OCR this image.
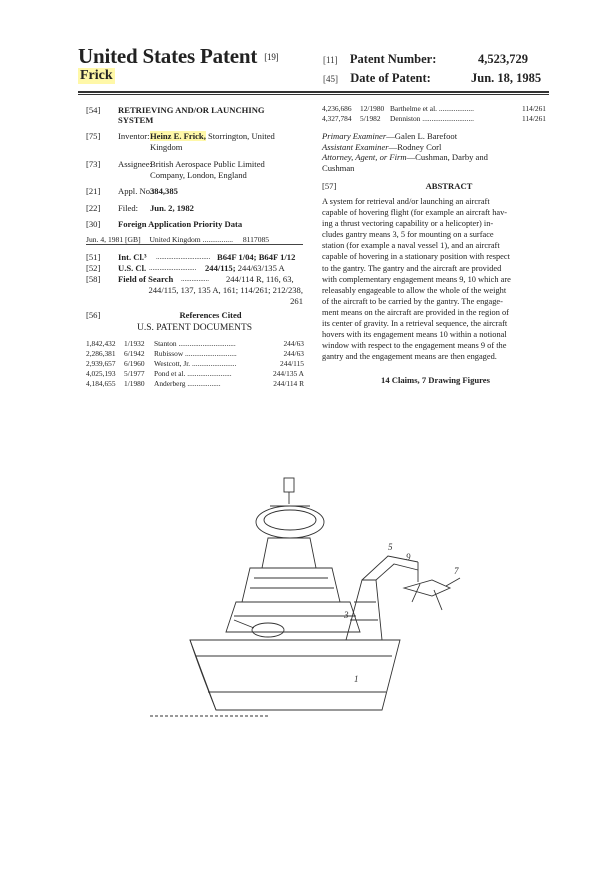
United States Patent [19]
Frick
[11] Patent Number:	4,523,729
[45] Date of Patent:	Jun. 18, 1985
[54] RETRIEVING AND/OR LAUNCHING
SYSTEM
[75] Inventor: Heinz E. Frick, Storrington, United
Kingdom
[73] Assignee:
British Aerospace Public Limited
Company, London, England
[21] Appl. No.:
384,385
[22] Filed: Jun. 2, 1982
[30] Foreign Application Priority Data
Jun. 4, 1981 [GB] United Kingdom ................ 8117085
[51] Int. Cl.³ ............................... B64F 1/04; B64F 1/12
[52] U.S. Cl. ........................... 244/115; 244/63/135 A
[58] Field of Search ................ 244/114 R, 116, 63,
244/115, 137, 135 A, 161; 114/261; 212/238,
261
[56]	References Cited
U.S. PATENT DOCUMENTS
1,842,432	1/1932	Stanton ...............................	244/63
2,286,381	6/1942	Rubissow ............................	244/63
2,939,657	6/1960	Westcott, Jr. ........................	244/115
4,025,193	5/1977	Pond et al. ........................	244/135 A
4,184,655	1/1980	Anderberg ..................	244/114 R
4,236,686	12/1980 Barthelme et al. ...................	114/261
4,327,784	5/1982	Denniston ............................	114/261
Primary Examiner—Galen L. Barefoot
Assistant Examiner—Rodney Corl
Attorney, Agent, or Firm—Cushman, Darby and
Cushman
[57]	ABSTRACT
A system for retrieval and/or launching an aircraft
capable of hovering flight (for example an aircraft hav-
ing a thrust vectoring capability or a helicopter) in-
cludes gantry means 3, 5 for mounting on a surface
station (for example a naval vessel 1), and an aircraft
capable of hovering in a stationary position with respect
to the gantry. The gantry and the aircraft are provided
with complementary engagement means 9, 10 which are
releasably engageable to allow the whole of the weight
of the aircraft to be carried by the gantry. The engage-
ment means on the aircraft are provided in the region of
its center of gravity. In a retrieval sequence, the aircraft
hovers with its engagement means 10 within a notional
window with respect to the engagement means 9 of the
gantry and the engagement means are then engaged.
14 Claims, 7 Drawing Figures
5
9
7
3
1
